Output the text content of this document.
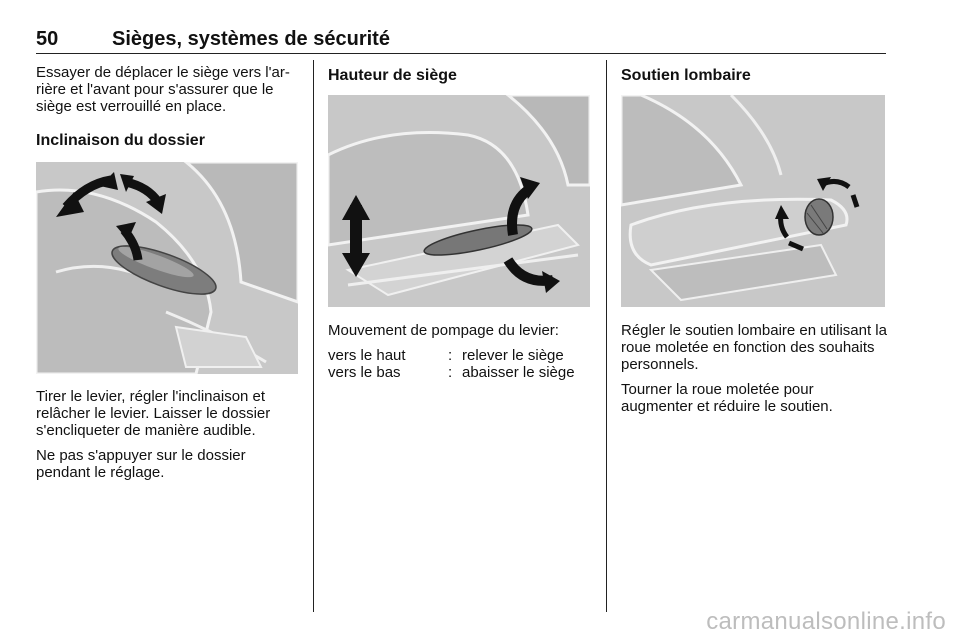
50	Sièges, systèmes de sécurité

Essayer de déplacer le siège vers l'ar- rière et l'avant pour s'assurer que le siège est verrouillé en place.

Inclinaison du dossier

Tirer le levier, régler l'inclinaison et relâcher le levier. Laisser le dossier s'encliqueter de manière audible.

Ne pas s'appuyer sur le dossier pendant le réglage.

Hauteur de siège

Mouvement de pompage du levier:

vers le haut	: relever le siège
vers le bas	: abaisser le siège
Soutien lombaire

Régler le soutien lombaire en utilisant la roue moletée en fonction des souhaits personnels.

Tourner la roue moletée pour augmenter et réduire le soutien.

carmanualsonline.info
